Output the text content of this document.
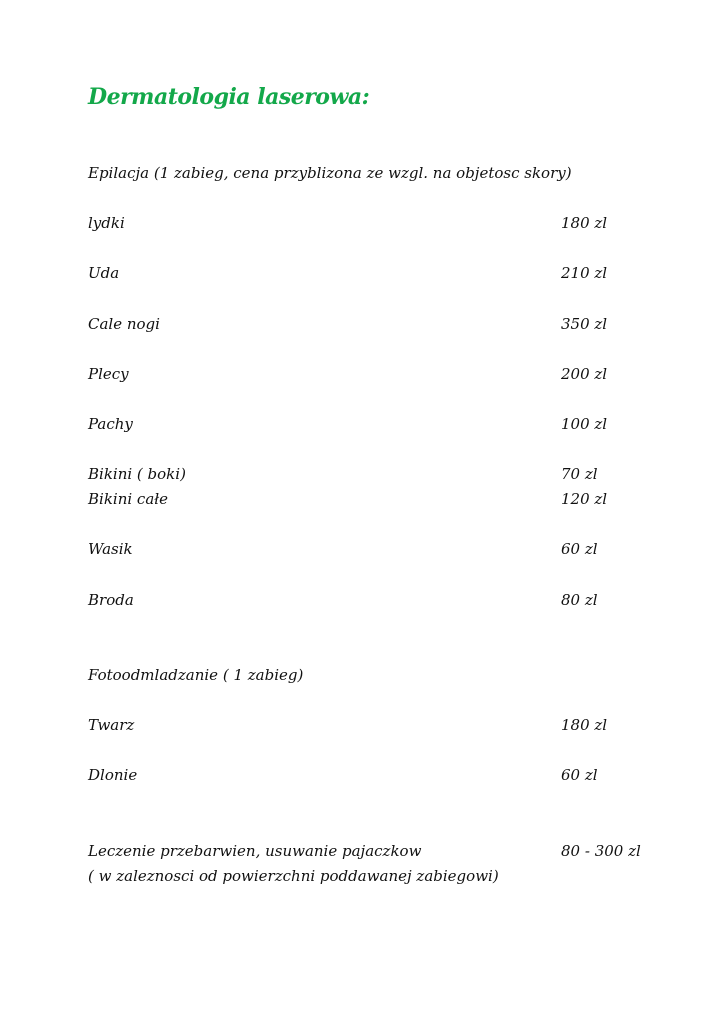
Dermatologia laserowa:
Epilacja (1 zabieg, cena przyblizona ze wzgl. na objetosc skory)
lydki	180 zl
Uda	210 zl
Cale nogi	350 zl
Plecy	200 zl
Pachy	100 zl
Bikini ( boki)	70 zl
Bikini całe	120 zl
Wasik	60 zl
Broda	80 zl
Fotoodmladzanie ( 1 zabieg)
Twarz	180 zl
Dlonie	60 zl
Leczenie przebarwien, usuwanie pajaczkow	80 - 300 zl
( w zaleznosci od powierzchni poddawanej zabiegowi)
